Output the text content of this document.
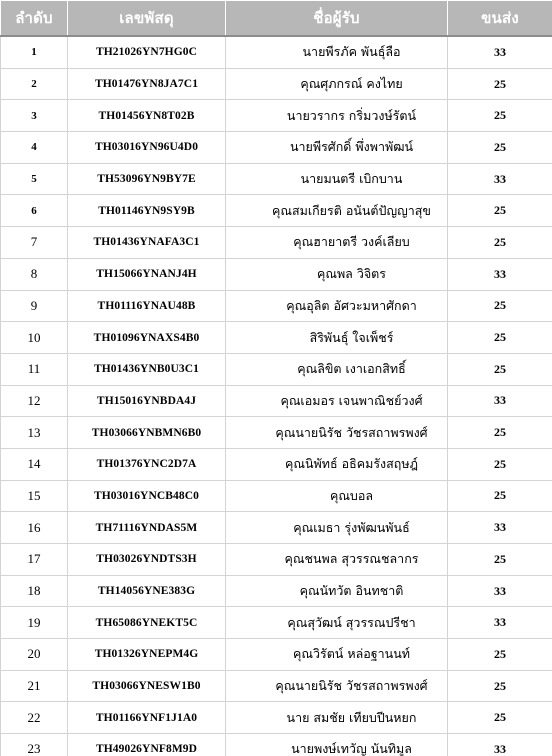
ลำดับ	เลขพัสดุ	ชื่อผู้รับ	ขนส่ง
1	TH21026YN7HG0C	นายพีรภัค พันธุ์ลือ	33
2	TH01476YN8JA7C1	คุณศุภกรณ์ คงไทย	25
3	TH01456YN8T02B	นายวรากร กริ่มวงษ์รัตน์	25
4	TH03016YN96U4D0	นายพีรศักดิ์ พึ่งพาพัฒน์	25
5	TH53096YN9BY7E	นายมนตรี เบิกบาน	33
6	TH01146YN9SY9B	คุณสมเกียรติ อนันต์ปัญญาสุข	25
7	TH01436YNAFA3C1	คุณฮายาตรี วงค์เลียบ	25
8	TH15066YNANJ4H	คุณพล วิจิตร	33
9	TH01116YNAU48B	คุณอุลิต อัศวะมหาศักดา	25
10	TH01096YNAXS4B0	สิริพันธุ์ ใจเพ็ชร์	25
11	TH01436YNB0U3C1	คุณลิขิต เงาเอกสิทธิ์	25
12	TH15016YNBDA4J	คุณเอมอร เจนพาณิชย์วงศ์	33
13	TH03066YNBMN6B0	คุณนายนิรัช วัชรสถาพรพงศ์	25
14	TH01376YNC2D7A	คุณนิพัทธ์ อธิคมรังสฤษฎ์	25
15	TH03016YNCB48C0	คุณบอล	25
16	TH71116YNDAS5M	คุณเมธา รุ่งพัฒนพันธ์	33
17	TH03026YNDTS3H	คุณชนพล สุวรรณชลากร	25
18	TH14056YNE383G	คุณนัทวัต อินทชาติ	33
19	TH65086YNEKT5C	คุณสุวัฒน์ สุวรรณปรีชา	33
20	TH01326YNEPM4G	คุณวิรัตน์ หล่อฐานนท์	25
21	TH03066YNESW1B0	คุณนายนิรัช วัชรสถาพรพงศ์	25
22	TH01166YNF1J1A0	นาย สมชัย เทียบปีนหยก	25
23	TH49026YNF8M9D	นายพงษ์เทวัญ นันทิมูล	33
